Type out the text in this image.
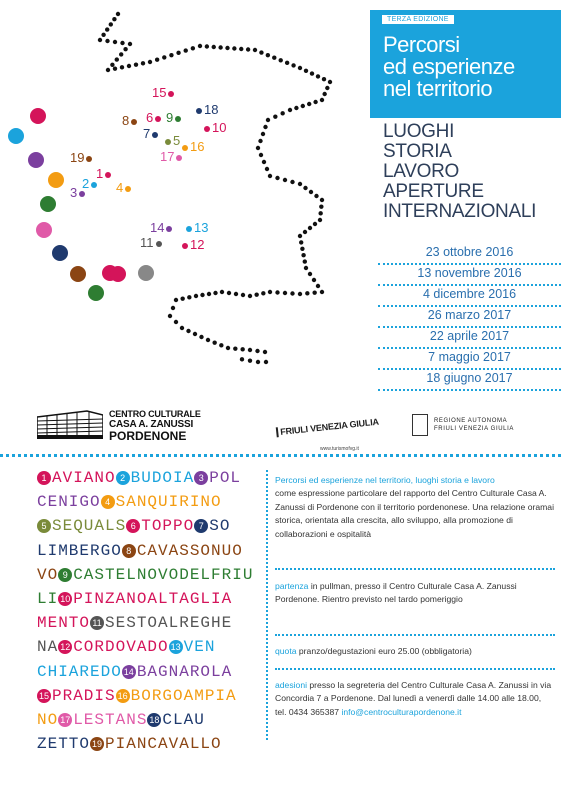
15
8	6 9
18
7	5
10
17
16
19
1
2
3	4
14	13
11	12
TERZA EDIZIONE
Percorsi
ed esperienze
nel territorio
LUOGHI
STORIA
LAVORO
APERTURE
INTERNAZIONALI
23 ottobre 2016
13 novembre 2016
4 dicembre 2016
26 marzo 2017
22 aprile 2017
7 maggio 2017
18 giugno 2017
CENTRO CULTURALE
CASA A. ZANUSSI
PORDENONE	FRIULI VENEZIA GIULIA
www.turismofvg.it
REGIONE AUTONOMA
FRIULI VENEZIA GIULIA
1 AVIANO 2 BUDOIA 3 POL
CENIGO 4 SANQUIRINO
5 SEQUALS 6 TOPPO 7 SO
LIMBERGO 8 CAVASSONUO
VO 9 CASTELNOVODELFRIU
LI 10 PINZANOALTAGLIA
MENTO 11 SESTOALREGHE
NA 12 CORDOVADO 13 VEN
CHIAREDO 14 BAGNAROLA
15 PRADIS 16 BORGOAMPIA
NO 17 LESTANS 18 CLAU
ZETTO 19 PIANCAVALLO

Percorsi ed esperienze nel territorio, luoghi storia e lavoro
come espressione particolare del rapporto del Centro Culturale Casa A. Zanussi di Pordenone con il territorio pordenonese. Una relazione oramai storica, orientata alla crescita, allo sviluppo, alla promozione di collaborazioni e ospitalità

partenza in pullman, presso il Centro Culturale Casa A. Zanussi Pordenone. Rientro previsto nel tardo pomeriggio

quota pranzo/degustazioni euro 25.00 (obbligatoria)

adesioni presso la segreteria del Centro Culturale Casa A. Zanussi in via Concordia 7 a Pordenone. Dal lunedì a venerdì dalle 14.00 alle 18.00,
tel. 0434 365387 info@centroculturapordenone.it
